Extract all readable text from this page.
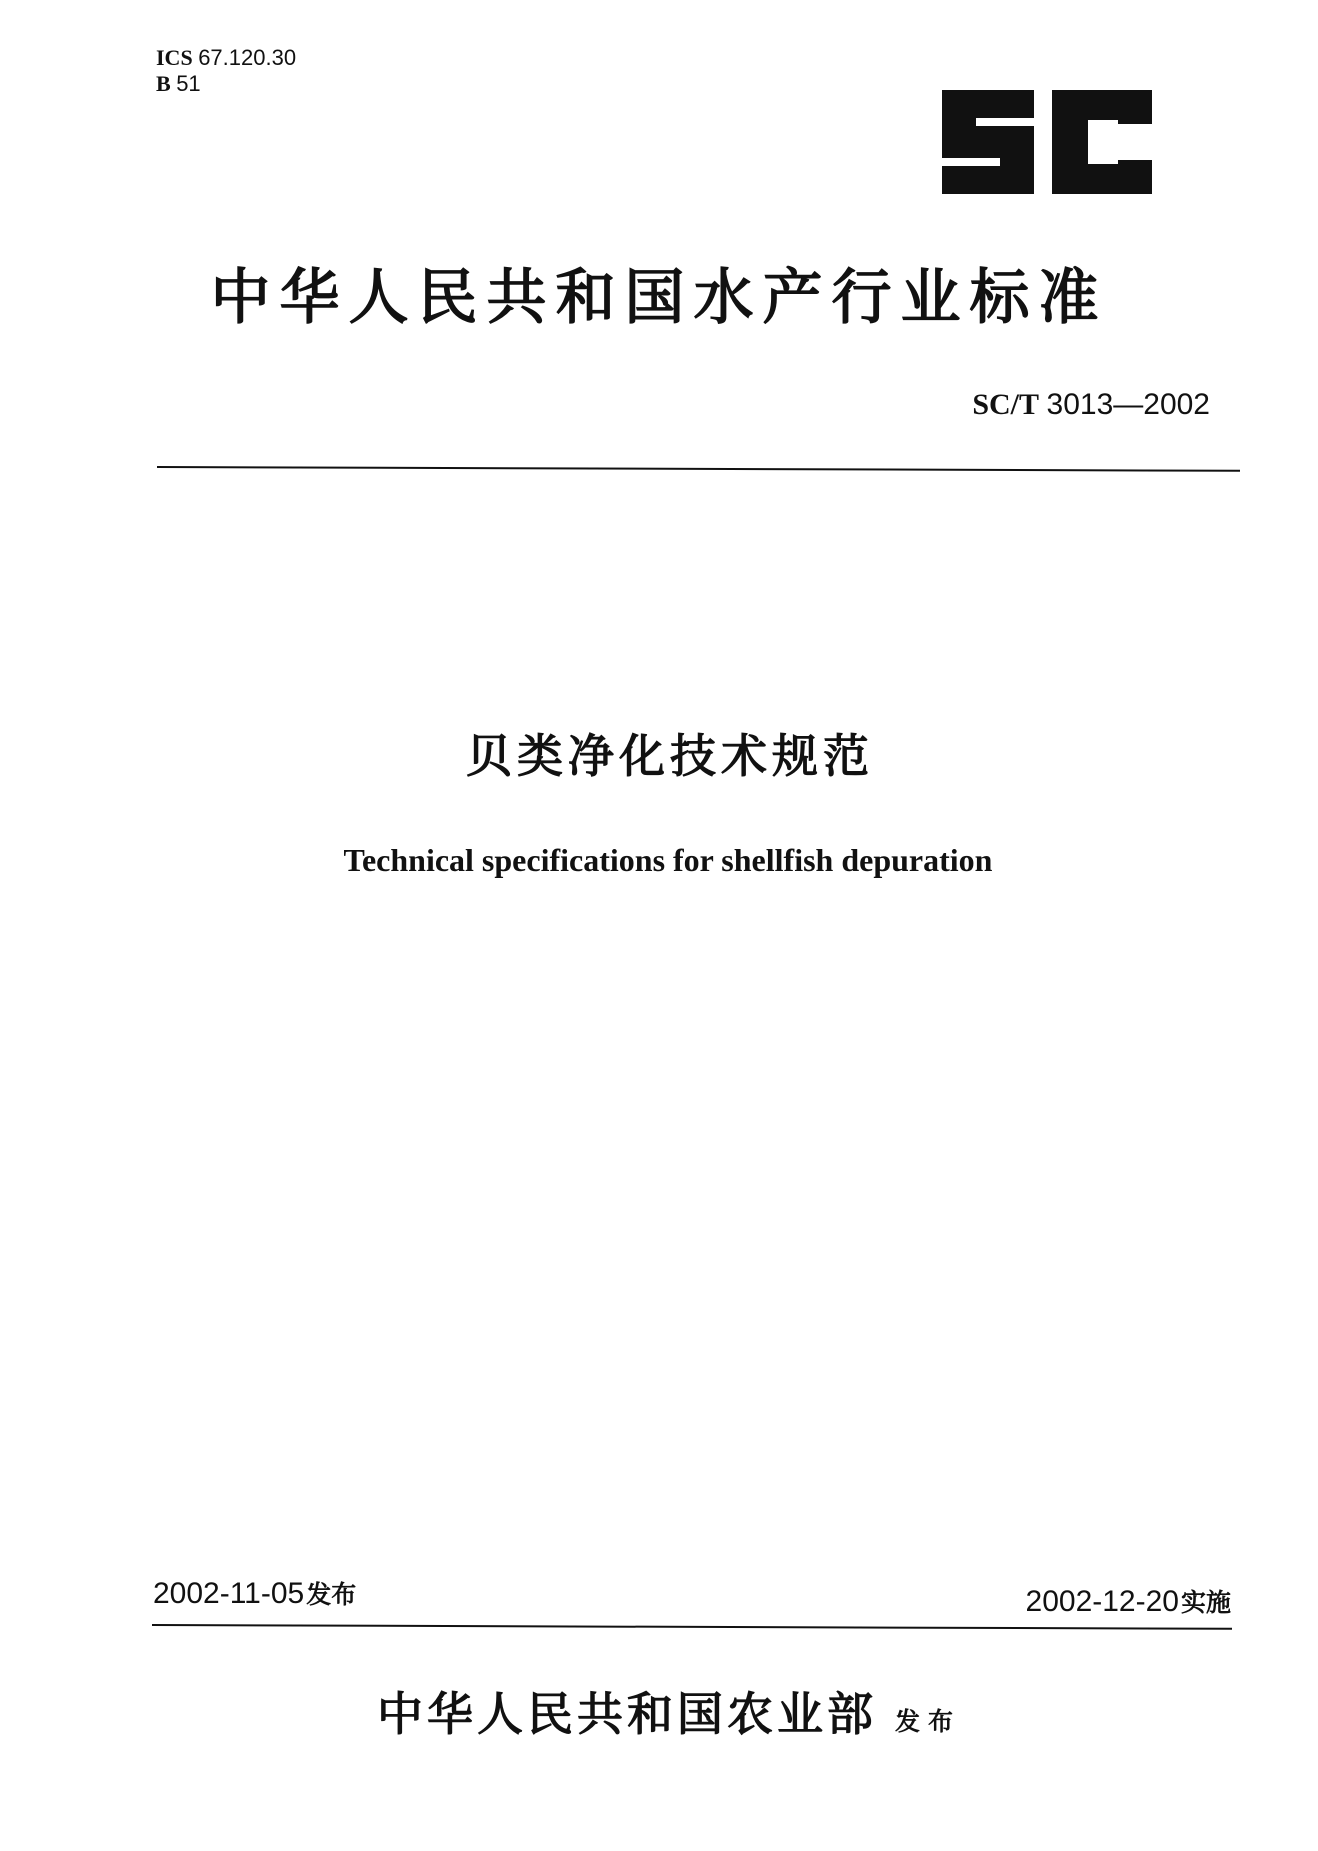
ICS 67.120.30
B 51
中华人民共和国水产行业标准
SC/T 3013—2002
贝类净化技术规范
Technical specifications for shellfish depuration
2002-11-05发布	2002-12-20实施
中华人民共和国农业部 发布
